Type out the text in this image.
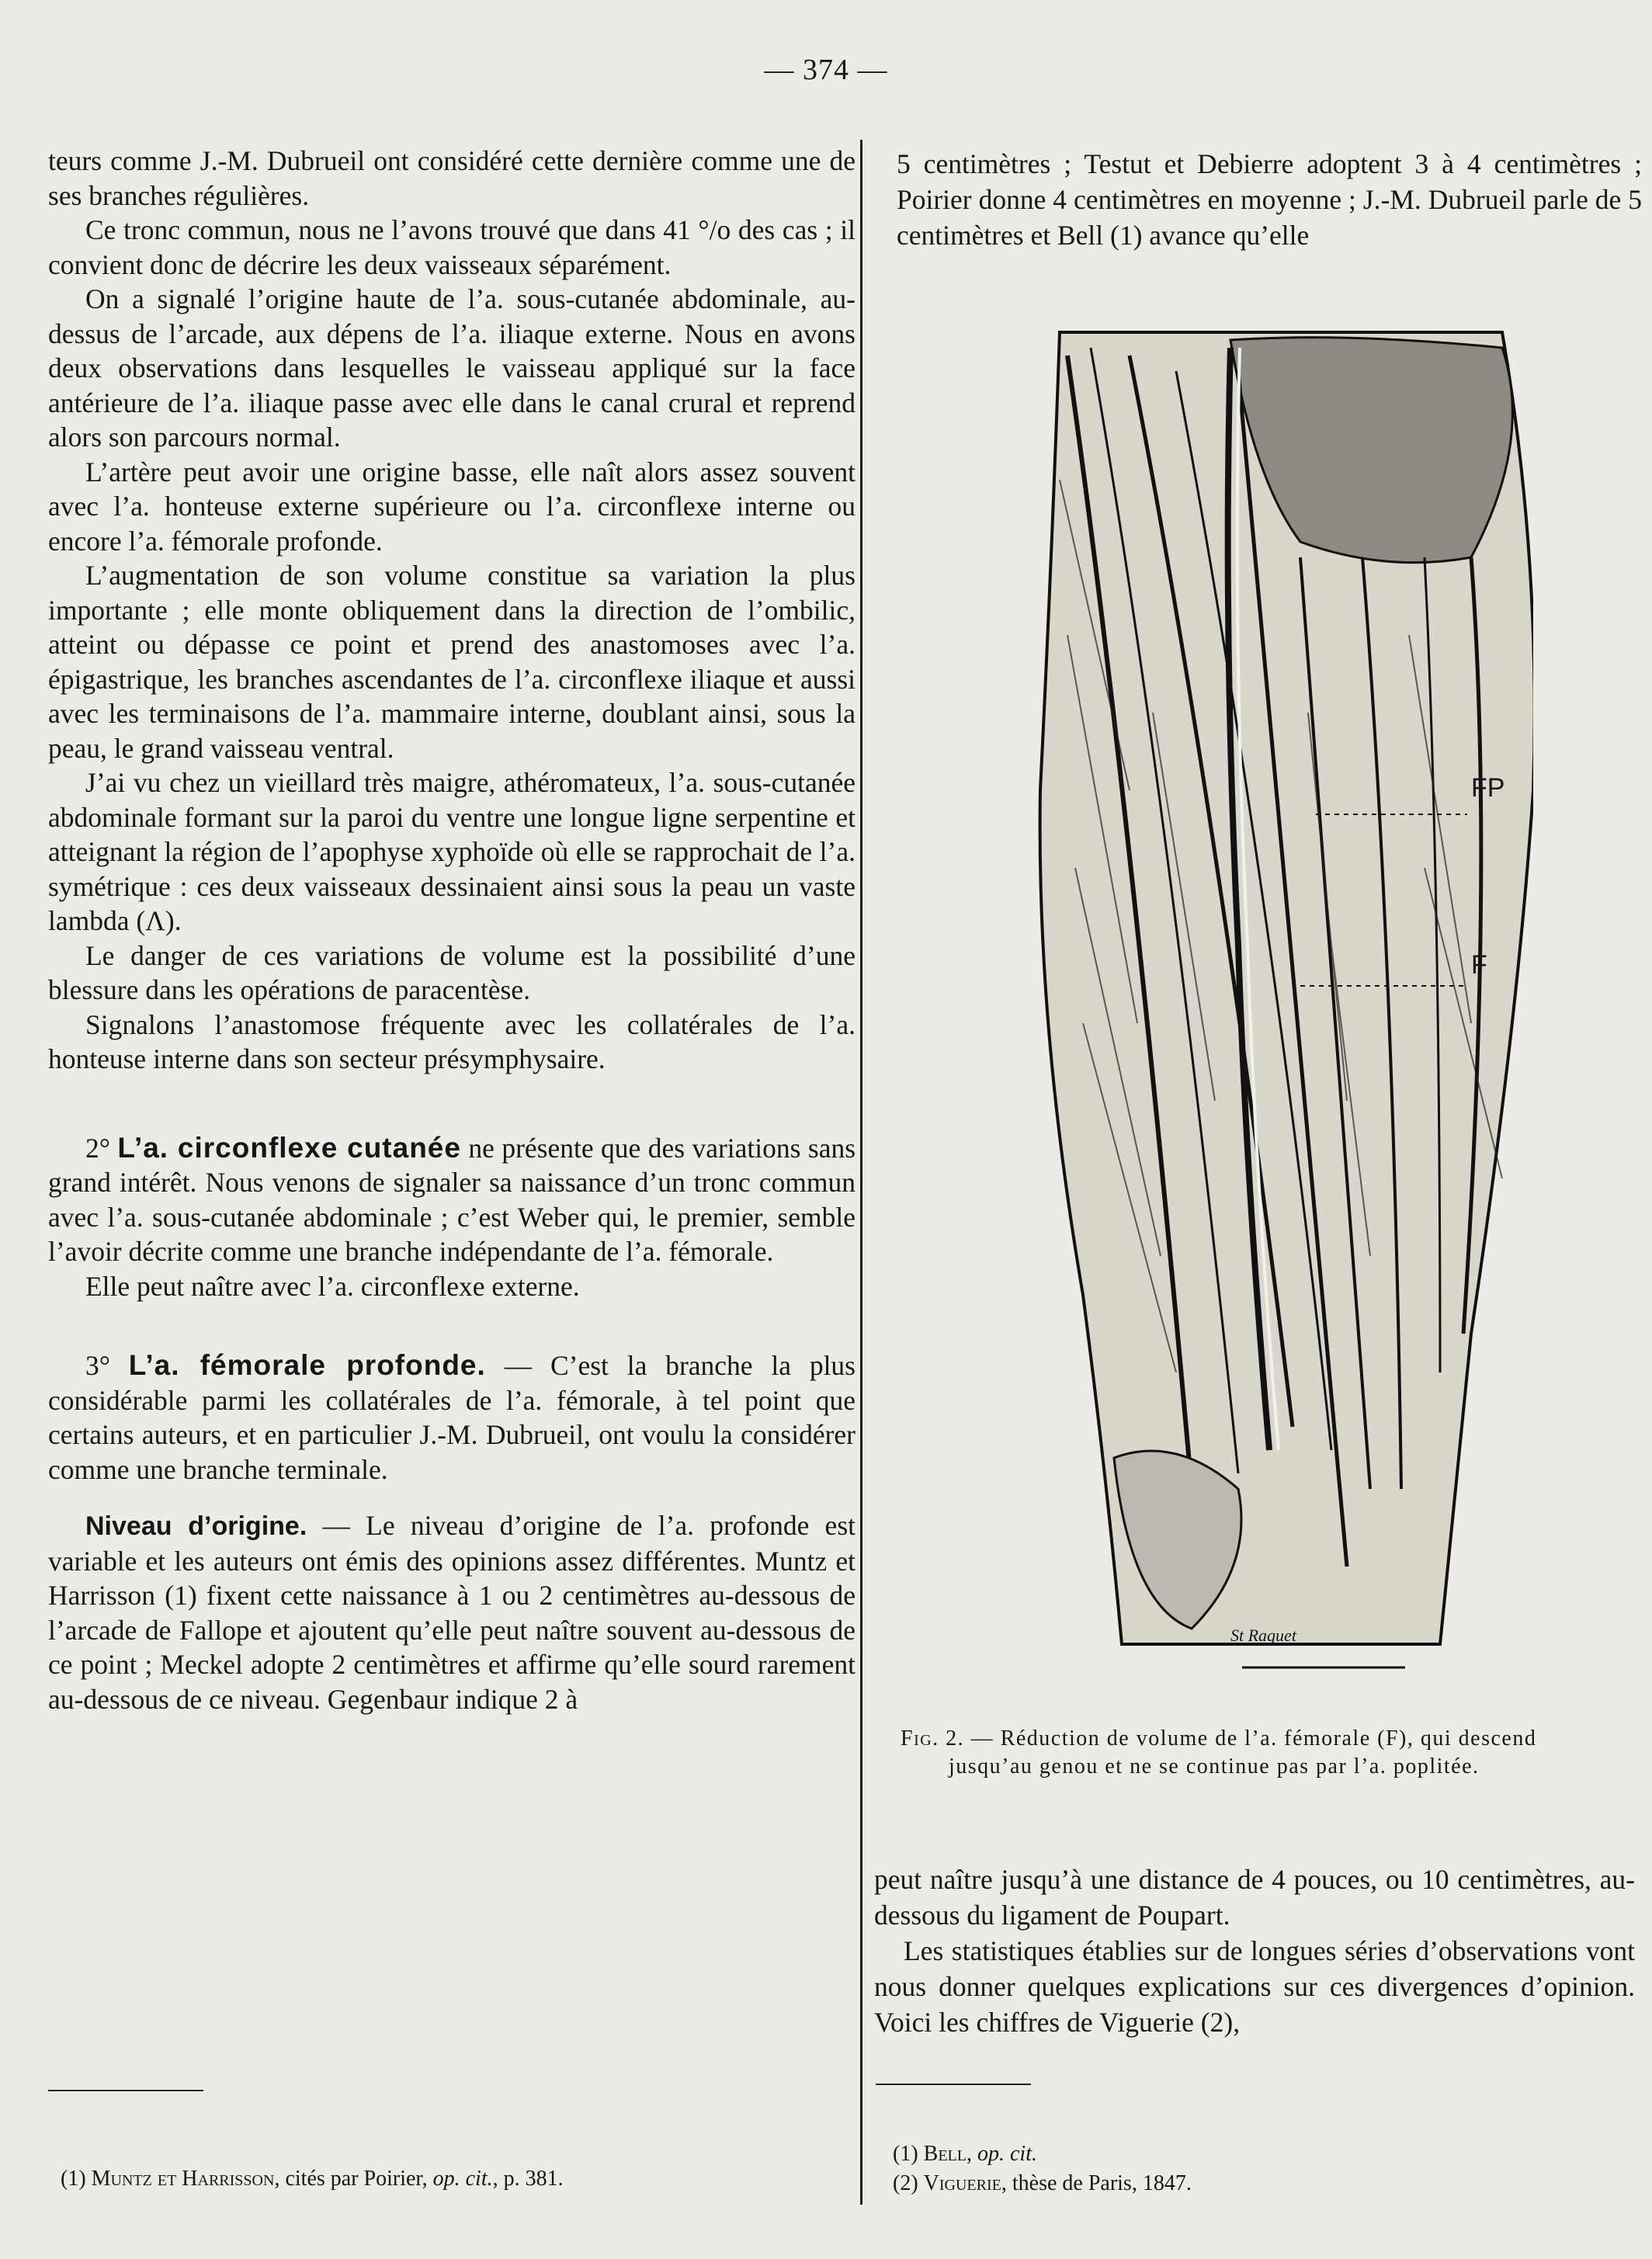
— 374 —

teurs comme J.-M. Dubrueil ont considéré cette dernière comme une de ses branches régulières.

Ce tronc commun, nous ne l’avons trouvé que dans 41 °/o des cas ; il convient donc de décrire les deux vaisseaux séparément.

On a signalé l’origine haute de l’a. sous-cutanée abdominale, au-dessus de l’arcade, aux dépens de l’a. iliaque externe. Nous en avons deux observations dans lesquelles le vaisseau appliqué sur la face antérieure de l’a. iliaque passe avec elle dans le canal crural et reprend alors son parcours normal.

L’artère peut avoir une origine basse, elle naît alors assez souvent avec l’a. honteuse externe supérieure ou l’a. circonflexe interne ou encore l’a. fémorale profonde.

L’augmentation de son volume constitue sa variation la plus importante ; elle monte obliquement dans la direction de l’ombilic, atteint ou dépasse ce point et prend des anastomoses avec l’a. épigastrique, les branches ascendantes de l’a. circonflexe iliaque et aussi avec les terminaisons de l’a. mammaire interne, doublant ainsi, sous la peau, le grand vaisseau ventral.

J’ai vu chez un vieillard très maigre, athéromateux, l’a. sous-cutanée abdominale formant sur la paroi du ventre une longue ligne serpentine et atteignant la région de l’apophyse xyphoïde où elle se rapprochait de l’a. symétrique : ces deux vaisseaux dessinaient ainsi sous la peau un vaste lambda (Λ).

Le danger de ces variations de volume est la possibilité d’une blessure dans les opérations de paracentèse.

Signalons l’anastomose fréquente avec les collatérales de l’a. honteuse interne dans son secteur présymphysaire.

2° L’a. circonflexe cutanée ne présente que des variations sans grand intérêt. Nous venons de signaler sa naissance d’un tronc commun avec l’a. sous-cutanée abdominale ; c’est Weber qui, le premier, semble l’avoir décrite comme une branche indépendante de l’a. fémorale.

Elle peut naître avec l’a. circonflexe externe.

3° L’a. fémorale profonde. — C’est la branche la plus considérable parmi les collatérales de l’a. fémorale, à tel point que certains auteurs, et en particulier J.-M. Dubrueil, ont voulu la considérer comme une branche terminale.

Niveau d’origine. — Le niveau d’origine de l’a. profonde est variable et les auteurs ont émis des opinions assez différentes. Muntz et Harrisson (1) fixent cette naissance à 1 ou 2 centimètres au-dessous de l’arcade de Fallope et ajoutent qu’elle peut naître souvent au-dessous de ce point ; Meckel adopte 2 centimètres et affirme qu’elle sourd rarement au-dessous de ce niveau. Gegenbaur indique 2 à

5 centimètres ; Testut et Debierre adoptent 3 à 4 centimètres ; Poirier donne 4 centimètres en moyenne ; J.-M. Dubrueil parle de 5 centimètres et Bell (1) avance qu’elle

FP
F
St Raquet
Fig. 2. — Réduction de volume de l’a. fémorale (F), qui descend
jusqu’au genou et ne se continue pas par l’a. poplitée.

peut naître jusqu’à une distance de 4 pouces, ou 10 centimètres, au-dessous du ligament de Poupart.

Les statistiques établies sur de longues séries d’observations vont nous donner quelques explications sur ces divergences d’opinion. Voici les chiffres de Viguerie (2),

(1) Muntz et Harrisson, cités par Poirier, op. cit., p. 381.
(1) Bell, op. cit.
(2) Viguerie, thèse de Paris, 1847.
